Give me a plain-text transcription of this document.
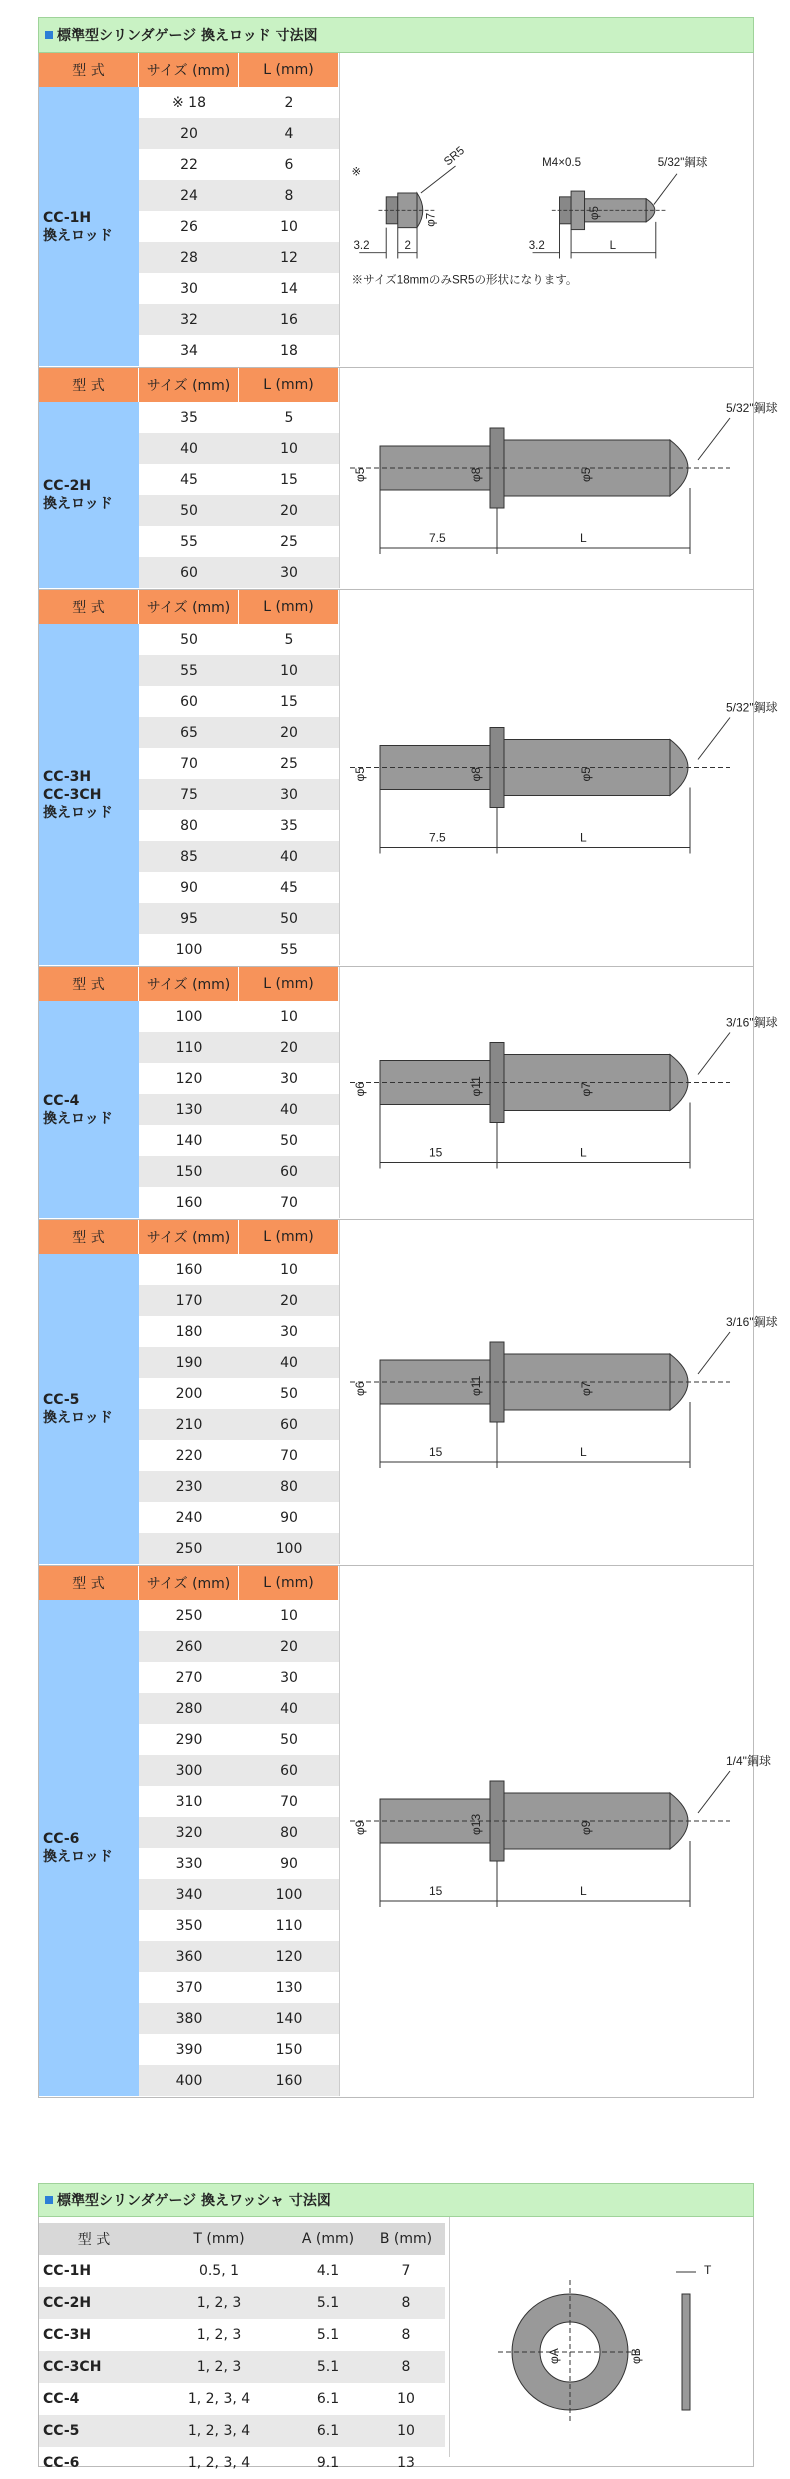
標準型シリンダゲージ 換えロッド 寸法図
型 式	サイズ (mm)	L (mm)
CC-1H
換えロッド
※ 18	2
20	4
22	6
24	8
26	10
28	12
30	14
32	16
34	18
※
SR5
φ7
3.2	2
M4×0.5	5/32"鋼球
φ5
3.2	L
※サイズ18mmのみSR5の形状になります。
型 式	サイズ (mm)	L (mm)
CC-2H
換えロッド
35	5
40	10
45	15
50	20
55	25
60	30
5/32"鋼球
φ5	φ8	φ5
7.5	L
型 式	サイズ (mm)	L (mm)
CC-3H
CC-3CH
換えロッド
50	5
55	10
60	15
65	20
70	25
75	30
80	35
85	40
90	45
95	50
100	55
5/32"鋼球
φ5	φ8	φ5
7.5	L
型 式	サイズ (mm)	L (mm)
CC-4
換えロッド
100	10
110	20
120	30
130	40
140	50
150	60
160	70
3/16"鋼球
φ6	φ11	φ7
15	L
型 式	サイズ (mm)	L (mm)
CC-5
換えロッド
160	10
170	20
180	30
190	40
200	50
210	60
220	70
230	80
240	90
250	100
3/16"鋼球
φ6	φ11	φ7
15	L
型 式	サイズ (mm)	L (mm)
CC-6
換えロッド
250	10
260	20
270	30
280	40
290	50
300	60
310	70
320	80
330	90
340	100
350	110
360	120
370	130
380	140
390	150
400	160
1/4"鋼球
φ9	φ13	φ9
15	L
標準型シリンダゲージ 換えワッシャ 寸法図
型 式	T (mm)	A (mm)	B (mm)
CC-1H	0.5, 1	4.1	7
CC-2H	1, 2, 3	5.1	8
CC-3H	1, 2, 3	5.1	8
CC-3CH	1, 2, 3	5.1	8
CC-4	1, 2, 3, 4	6.1	10
CC-5	1, 2, 3, 4	6.1	10
CC-6	1, 2, 3, 4	9.1	13
T
φA	φB
